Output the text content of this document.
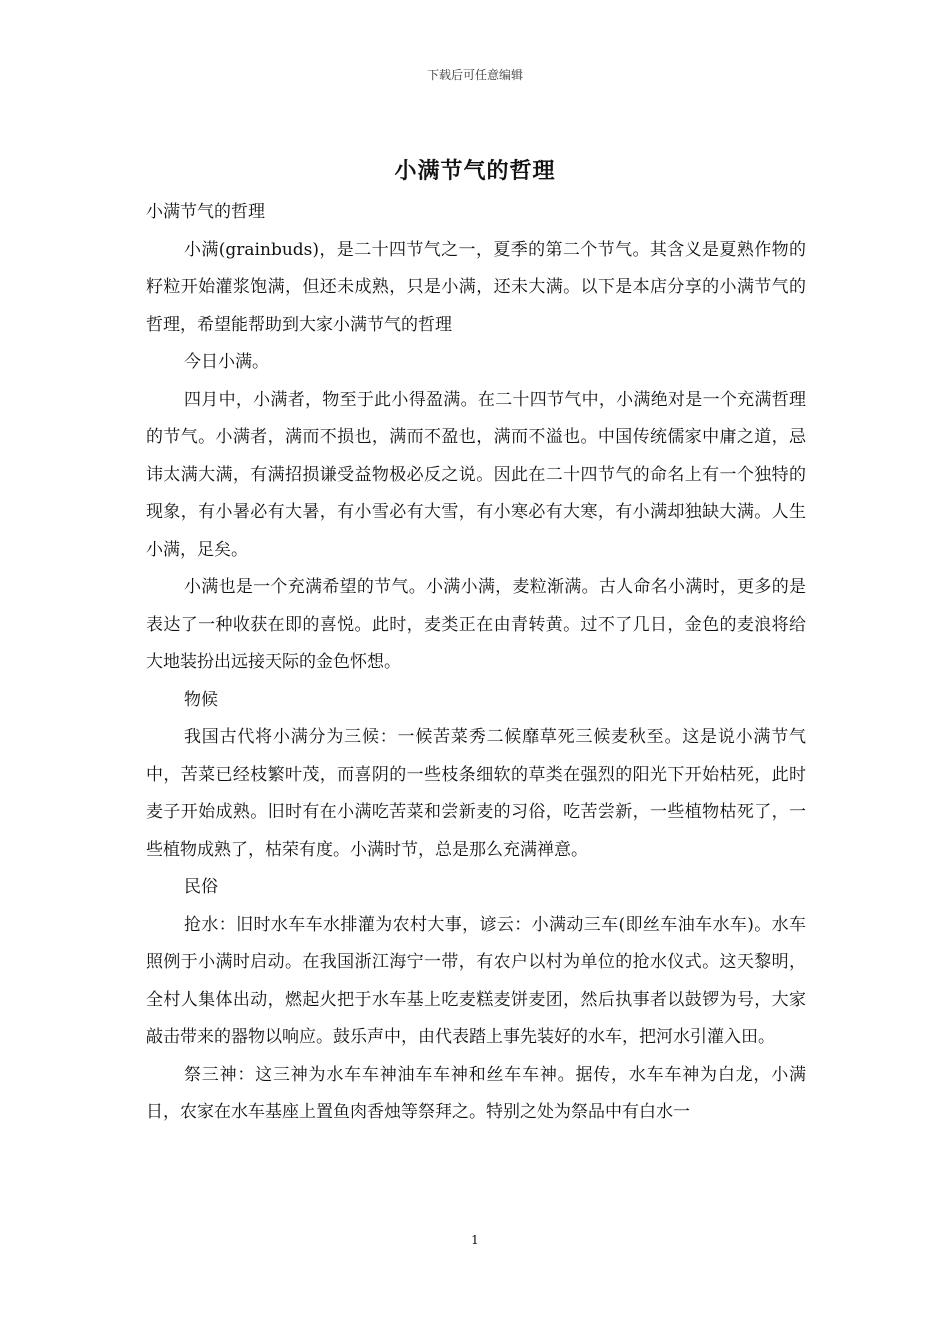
下载后可任意编辑
小满节气的哲理

小满节气的哲理

小满(grainbuds)，是二十四节气之一，夏季的第二个节气。其含义是夏熟作物的籽粒开始灌浆饱满，但还未成熟，只是小满，还未大满。以下是本店分享的小满节气的哲理，希望能帮助到大家小满节气的哲理

今日小满。

四月中，小满者，物至于此小得盈满。在二十四节气中，小满绝对是一个充满哲理的节气。小满者，满而不损也，满而不盈也，满而不溢也。中国传统儒家中庸之道，忌讳太满大满，有满招损谦受益物极必反之说。因此在二十四节气的命名上有一个独特的现象，有小暑必有大暑，有小雪必有大雪，有小寒必有大寒，有小满却独缺大满。人生小满，足矣。

小满也是一个充满希望的节气。小满小满，麦粒渐满。古人命名小满时，更多的是表达了一种收获在即的喜悦。此时，麦类正在由青转黄。过不了几日，金色的麦浪将给大地装扮出远接天际的金色怀想。

物候

我国古代将小满分为三候：一候苦菜秀二候靡草死三候麦秋至。这是说小满节气中，苦菜已经枝繁叶茂，而喜阴的一些枝条细软的草类在强烈的阳光下开始枯死，此时麦子开始成熟。旧时有在小满吃苦菜和尝新麦的习俗，吃苦尝新，一些植物枯死了，一些植物成熟了，枯荣有度。小满时节，总是那么充满禅意。

民俗

抢水：旧时水车车水排灌为农村大事，谚云：小满动三车(即丝车油车水车)。水车照例于小满时启动。在我国浙江海宁一带，有农户以村为单位的抢水仪式。这天黎明，全村人集体出动，燃起火把于水车基上吃麦糕麦饼麦团，然后执事者以鼓锣为号，大家敲击带来的器物以响应。鼓乐声中，由代表踏上事先装好的水车，把河水引灌入田。

祭三神：这三神为水车车神油车车神和丝车车神。据传，水车车神为白龙，小满日，农家在水车基座上置鱼肉香烛等祭拜之。特别之处为祭品中有白水一

1
